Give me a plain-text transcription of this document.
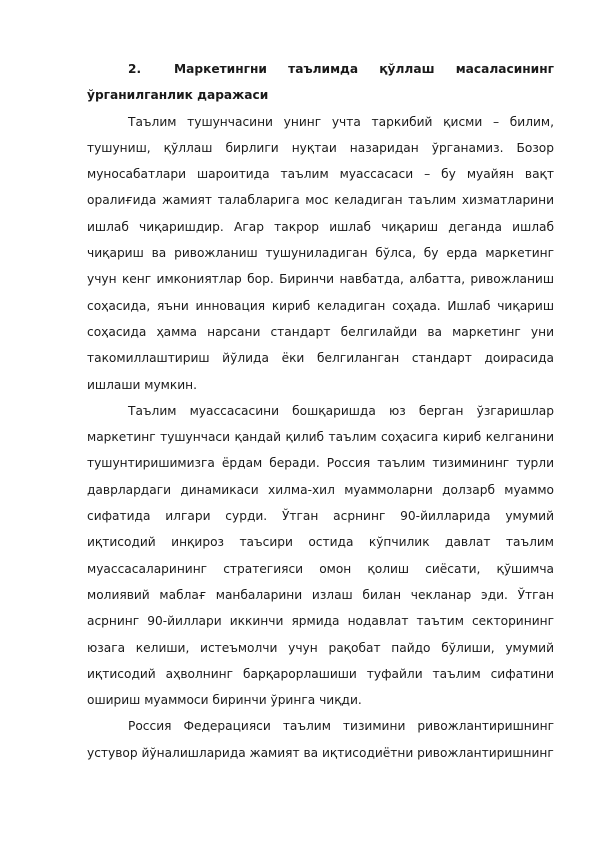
2.	Маркетингни таълимда қўллаш масаласининг ўрганилганлик даражаси

Таълим тушунчасини унинг учта таркибий қисми – билим, тушуниш, қўллаш бирлиги нуқтаи назаридан ўрганамиз. Бозор муносабатлари шароитида таълим муассасаси – бу муайян вақт оралиғида жамият талабларига мос келадиган таълим хизматларини ишлаб чиқаришдир. Агар такрор ишлаб чиқариш деганда ишлаб чиқариш ва ривожланиш тушуниладиган бўлса, бу ерда маркетинг учун кенг имкониятлар бор. Биринчи навбатда, албатта, ривожланиш соҳасида, яъни инновация кириб келадиган соҳада. Ишлаб чиқариш соҳасида ҳамма нарсани стандарт белгилайди ва маркетинг уни такомиллаштириш йўлида ёки белгиланган стандарт доирасида ишлаши мумкин.

Таълим муассасасини бошқаришда юз берган ўзгаришлар маркетинг тушунчаси қандай қилиб таълим соҳасига кириб келганини тушунтиришимизга ёрдам беради. Россия таълим тизимининг турли даврлардаги динамикаси хилма-хил муаммоларни долзарб муаммо сифатида илгари сурди. Ўтган асрнинг 90-йилларида умумий иқтисодий инқироз таъсири остида кўпчилик давлат таълим муассасаларининг стратегияси омон қолиш сиёсати, қўшимча молиявий маблағ манбаларини излаш билан чекланар эди. Ўтган асрнинг 90-йиллари иккинчи ярмида нодавлат таътим секторининг юзага келиши, истеъмолчи учун рақобат пайдо бўлиши, умумий иқтисодий аҳволнинг барқарорлашиши туфайли таълим сифатини ошириш муаммоси биринчи ўринга чиқди.

Россия Федерацияси таълим тизимини ривожлантиришнинг устувор йўналишларида жамият ва иқтисодиётни ривожлантиришнинг
